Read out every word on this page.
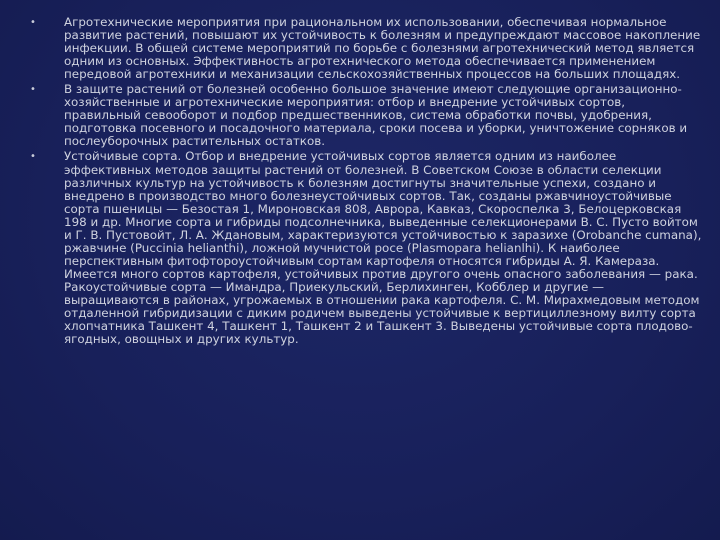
• Агротехнические мероприятия при рациональном их использовании, обеспечивая нормальное развитие растений, повышают их устойчивость к болезням и предупреждают массовое накопление инфекции. В общей системе мероприятий по борьбе с болезнями агротехнический метод является одним из основных. Эффективность агротехнического метода обеспечивается применением передовой агротехники и механизации сельскохозяйственных процессов на больших площадях.
• В защите растений от болезней особенно большое значение имеют следующие организационно-хозяйственные и агротехнические мероприятия: отбор и внедрение устойчивых сортов, правильный севооборот и подбор предшественников, система обработки почвы, удобрения, подготовка посевного и посадочного материала, сроки посева и уборки, уничтожение сорняков и послеуборочных растительных остатков.
• Устойчивые сорта. Отбор и внедрение устойчивых сортов является одним из наиболее эффективных методов защиты растений от болезней. В Советском Союзе в области селекции различных культур на устойчивость к болезням достигнуты значительные успехи, создано и внедрено в производство много болезнеустойчивых сортов. Так, созданы ржавчиноустойчивые сорта пшеницы — Безостая 1, Мироновская 808, Аврора, Кавказ, Скороспелка 3, Белоцерковская 198 и др. Многие сорта и гибриды подсолнечника, выведенные селекционерами В. С. Пусто войтом и Г. В. Пустовойт, Л. А. Ждановым, характеризуются устойчивостью к заразихе (Orobanche cumana), ржавчине (Puccinia helianthi), ложной мучнистой росе (Plasmopara helianlhi). К наиболее перспективным фитофтороустойчивым сортам картофеля относятся гибриды А. Я. Камераза. Имеется много сортов картофеля, устойчивых против другого очень опасного заболевания — рака. Ракоустойчивые сорта — Имандра, Приекульский, Берлихинген, Кобблер и другие — выращиваются в районах, угрожаемых в отношении рака картофеля. С. М. Мирахмедовым методом отдаленной гибридизации с диким родичем выведены устойчивые к вертициллезному вилту сорта хлопчатника Ташкент 4, Ташкент 1, Ташкент 2 и Ташкент 3. Выведены устойчивые сорта плодово-ягодных, овощных и других культур.
